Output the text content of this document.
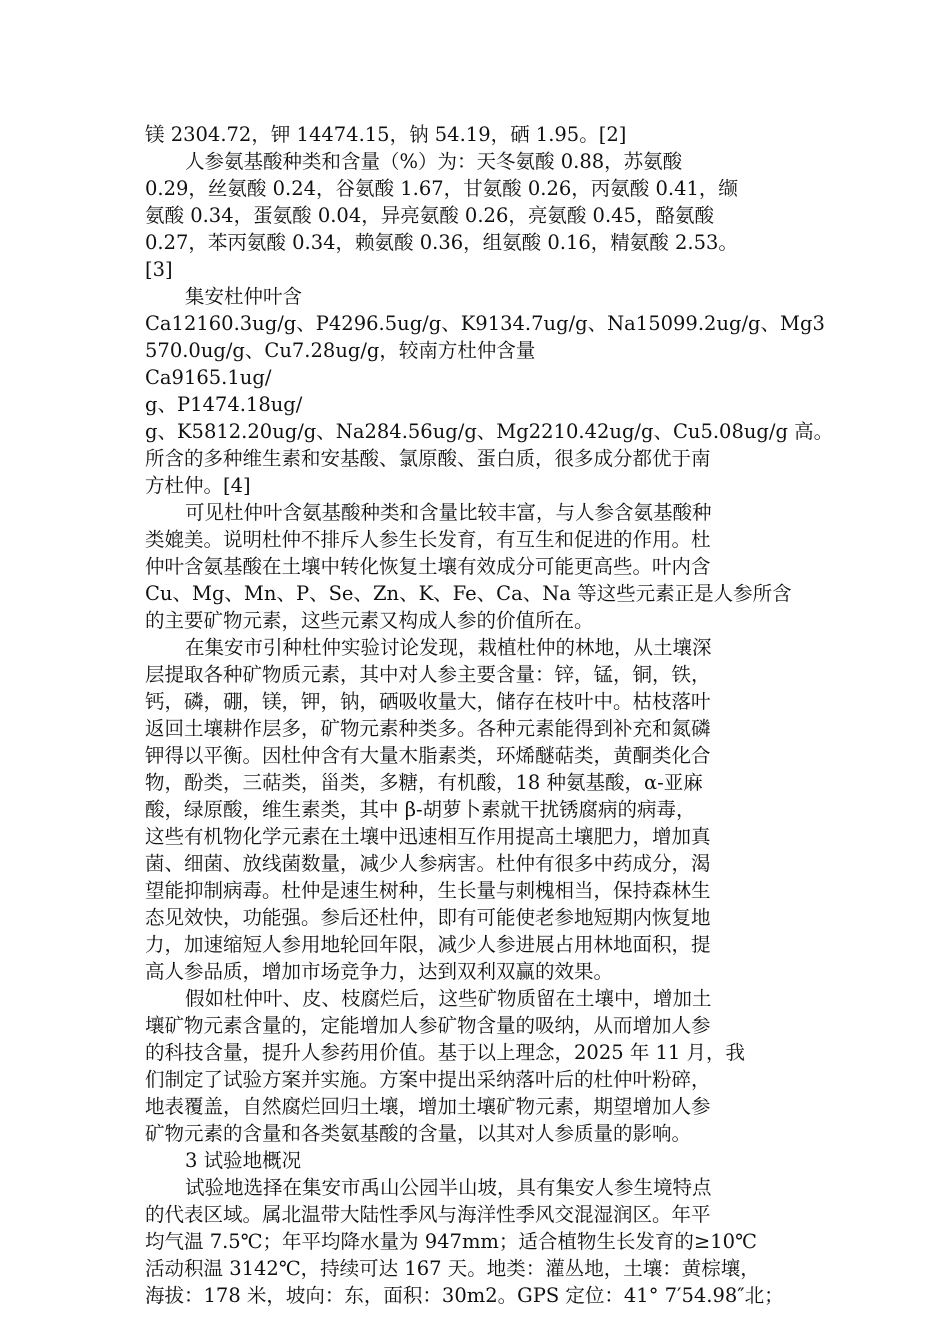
镁 2304.72，钾 14474.15，钠 54.19，硒 1.95。[2]
人参氨基酸种类和含量（%）为：天冬氨酸 0.88，苏氨酸
0.29，丝氨酸 0.24，谷氨酸 1.67，甘氨酸 0.26，丙氨酸 0.41，缬
氨酸 0.34，蛋氨酸 0.04，异亮氨酸 0.26，亮氨酸 0.45，酪氨酸
0.27，苯丙氨酸 0.34，赖氨酸 0.36，组氨酸 0.16，精氨酸 2.53。
[3]
集安杜仲叶含
Ca12160.3ug/g、P4296.5ug/g、K9134.7ug/g、Na15099.2ug/g、Mg3
570.0ug/g、Cu7.28ug/g，较南方杜仲含量
Ca9165.1ug/
g、P1474.18ug/
g、K5812.20ug/g、Na284.56ug/g、Mg2210.42ug/g、Cu5.08ug/g 高。
所含的多种维生素和安基酸、氯原酸、蛋白质，很多成分都优于南
方杜仲。[4]
可见杜仲叶含氨基酸种类和含量比较丰富，与人参含氨基酸种
类媲美。说明杜仲不排斥人参生长发育，有互生和促进的作用。杜
仲叶含氨基酸在土壤中转化恢复土壤有效成分可能更高些。叶内含
Cu、Mg、Mn、P、Se、Zn、K、Fe、Ca、Na 等这些元素正是人参所含
的主要矿物元素，这些元素又构成人参的价值所在。
在集安市引种杜仲实验讨论发现，栽植杜仲的林地，从土壤深
层提取各种矿物质元素，其中对人参主要含量：锌，锰，铜，铁，
钙，磷，硼，镁，钾，钠，硒吸收量大，储存在枝叶中。枯枝落叶
返回土壤耕作层多，矿物元素种类多。各种元素能得到补充和氮磷
钾得以平衡。因杜仲含有大量木脂素类，环烯醚萜类，黄酮类化合
物，酚类，三萜类，甾类，多糖，有机酸，18 种氨基酸，α-亚麻
酸，绿原酸，维生素类，其中 β-胡萝卜素就干扰锈腐病的病毒，
这些有机物化学元素在土壤中迅速相互作用提高土壤肥力，增加真
菌、细菌、放线菌数量，减少人参病害。杜仲有很多中药成分，渴
望能抑制病毒。杜仲是速生树种，生长量与刺槐相当，保持森林生
态见效快，功能强。参后还杜仲，即有可能使老参地短期内恢复地
力，加速缩短人参用地轮回年限，减少人参进展占用林地面积，提
高人参品质，增加市场竞争力，达到双利双赢的效果。
假如杜仲叶、皮、枝腐烂后，这些矿物质留在土壤中，增加土
壤矿物元素含量的，定能增加人参矿物含量的吸纳，从而增加人参
的科技含量，提升人参药用价值。基于以上理念，2025 年 11 月，我
们制定了试验方案并实施。方案中提出采纳落叶后的杜仲叶粉碎，
地表覆盖，自然腐烂回归土壤，增加土壤矿物元素，期望增加人参
矿物元素的含量和各类氨基酸的含量，以其对人参质量的影响。
3 试验地概况
试验地选择在集安市禹山公园半山坡，具有集安人参生境特点
的代表区域。属北温带大陆性季风与海洋性季风交混湿润区。年平
均气温 7.5℃；年平均降水量为 947mm；适合植物生长发育的≥10℃
活动积温 3142℃，持续可达 167 天。地类：灌丛地，土壤：黄棕壤，
海拔：178 米，坡向：东，面积：30m2。GPS 定位：41° 7′54.98″北；
